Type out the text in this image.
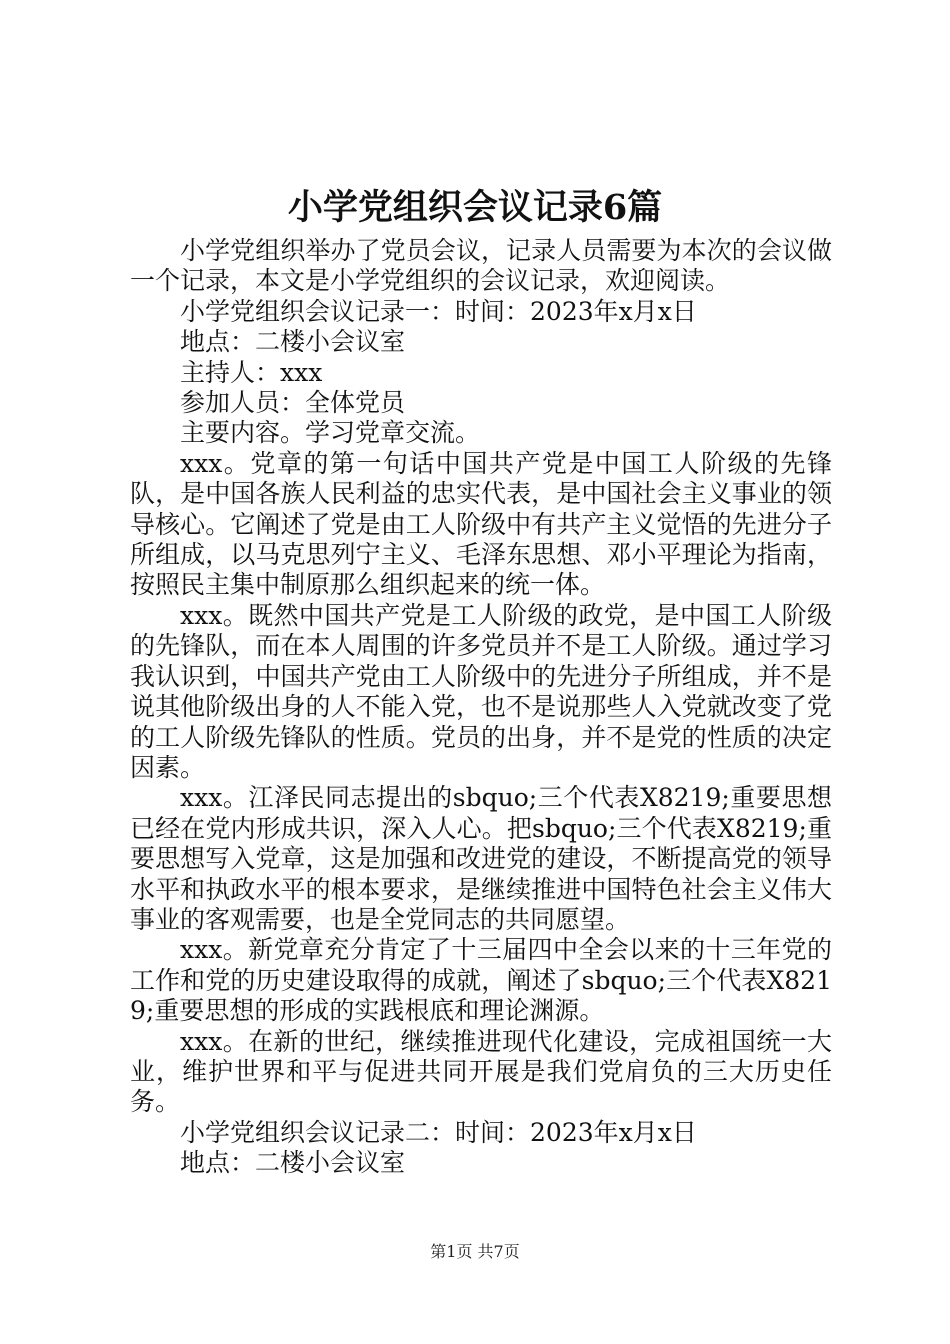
小学党组织会议记录6篇

小学党组织举办了党员会议，记录人员需要为本次的会议做一个记录，本文是小学党组织的会议记录，欢迎阅读。

小学党组织会议记录一：时间：2023年x月x日

地点：二楼小会议室

主持人：xxx

参加人员：全体党员

主要内容。学习党章交流。

xxx。党章的第一句话中国共产党是中国工人阶级的先锋队，是中国各族人民利益的忠实代表，是中国社会主义事业的领导核心。它阐述了党是由工人阶级中有共产主义觉悟的先进分子所组成，以马克思列宁主义、毛泽东思想、邓小平理论为指南，按照民主集中制原那么组织起来的统一体。

xxx。既然中国共产党是工人阶级的政党，是中国工人阶级的先锋队，而在本人周围的许多党员并不是工人阶级。通过学习我认识到，中国共产党由工人阶级中的先进分子所组成，并不是说其他阶级出身的人不能入党，也不是说那些人入党就改变了党的工人阶级先锋队的性质。党员的出身，并不是党的性质的决定因素。

xxx。江泽民同志提出的sbquo;三个代表X8219;重要思想已经在党内形成共识，深入人心。把sbquo;三个代表X8219;重要思想写入党章，这是加强和改进党的建设，不断提高党的领导水平和执政水平的根本要求，是继续推进中国特色社会主义伟大事业的客观需要，也是全党同志的共同愿望。

xxx。新党章充分肯定了十三届四中全会以来的十三年党的工作和党的历史建设取得的成就，阐述了sbquo;三个代表X8219;重要思想的形成的实践根底和理论渊源。

xxx。在新的世纪，继续推进现代化建设，完成祖国统一大业，维护世界和平与促进共同开展是我们党肩负的三大历史任务。

小学党组织会议记录二：时间：2023年x月x日

地点：二楼小会议室

第1页 共7页
